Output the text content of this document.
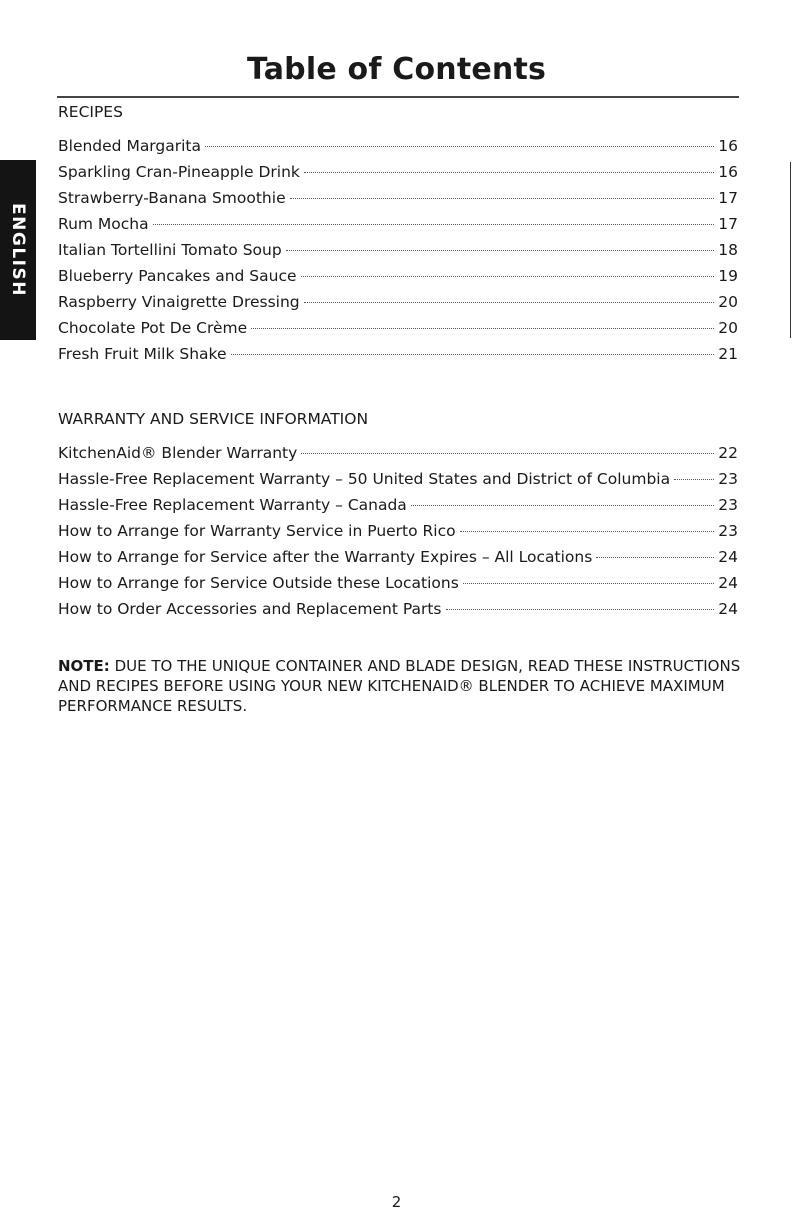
Table of Contents
ENGLISH
RECIPES
Blended Margarita	16
Sparkling Cran-Pineapple Drink	16
Strawberry-Banana Smoothie	17
Rum Mocha	17
Italian Tortellini Tomato Soup	18
Blueberry Pancakes and Sauce	19
Raspberry Vinaigrette Dressing	20
Chocolate Pot De Crème	20
Fresh Fruit Milk Shake	21
WARRANTY AND SERVICE INFORMATION
KitchenAid® Blender Warranty	22
Hassle-Free Replacement Warranty – 50 United States and District of Columbia	23
Hassle-Free Replacement Warranty – Canada	23
How to Arrange for Warranty Service in Puerto Rico	23
How to Arrange for Service after the Warranty Expires – All Locations	24
How to Arrange for Service Outside these Locations	24
How to Order Accessories and Replacement Parts	24
NOTE: DUE TO THE UNIQUE CONTAINER AND BLADE DESIGN, READ THESE INSTRUCTIONS AND RECIPES BEFORE USING YOUR NEW KITCHENAID® BLENDER TO ACHIEVE MAXIMUM PERFORMANCE RESULTS.
2
